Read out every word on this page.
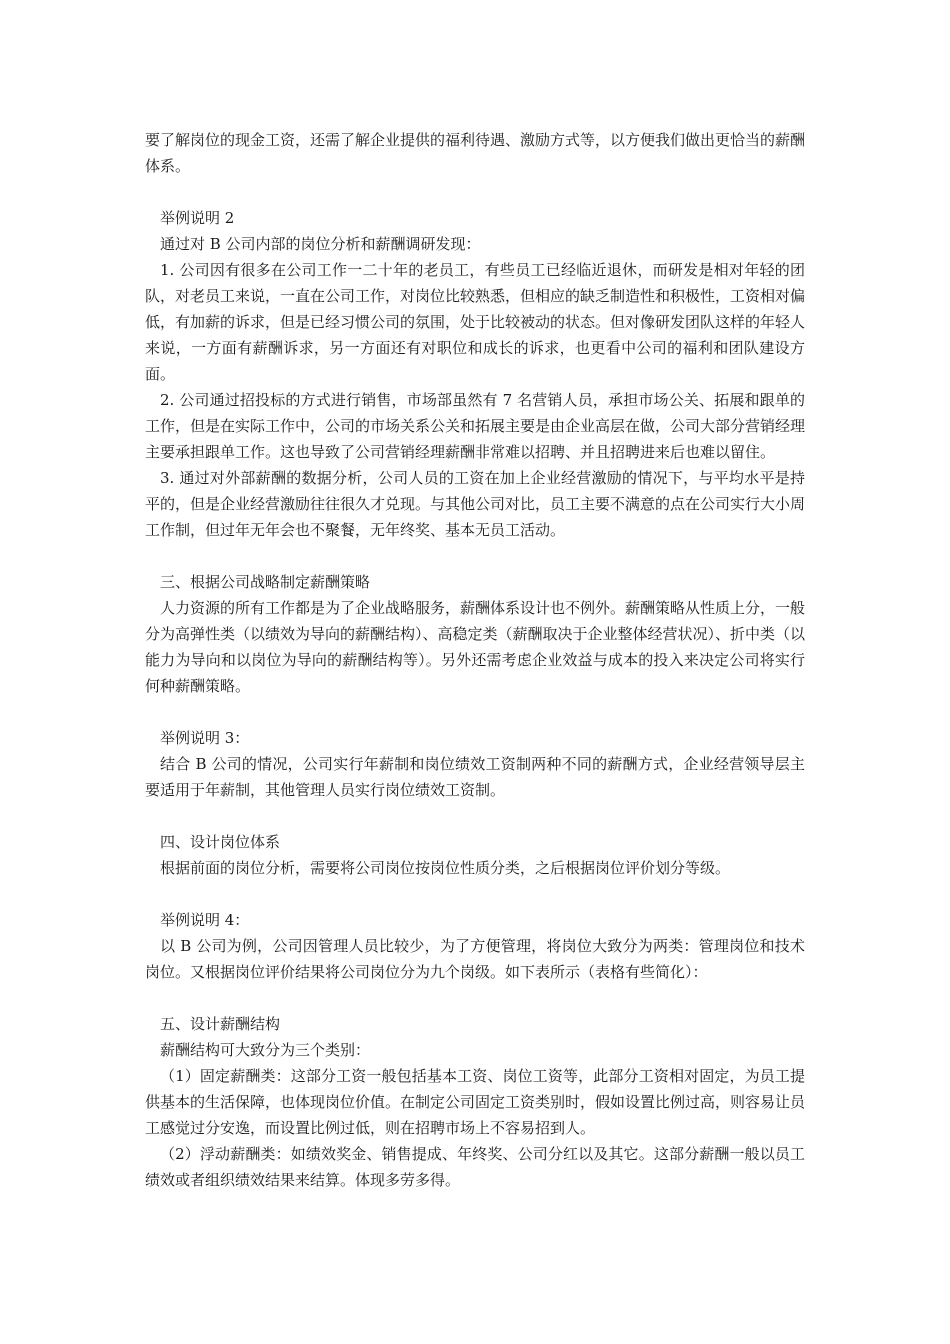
要了解岗位的现金工资，还需了解企业提供的福利待遇、激励方式等，以方便我们做出更恰当的薪酬体系。

举例说明 2

通过对 B 公司内部的岗位分析和薪酬调研发现：

1. 公司因有很多在公司工作一二十年的老员工，有些员工已经临近退休，而研发是相对年轻的团队，对老员工来说，一直在公司工作，对岗位比较熟悉，但相应的缺乏制造性和积极性，工资相对偏低，有加薪的诉求，但是已经习惯公司的氛围，处于比较被动的状态。但对像研发团队这样的年轻人来说，一方面有薪酬诉求，另一方面还有对职位和成长的诉求，也更看中公司的福利和团队建设方面。

2. 公司通过招投标的方式进行销售，市场部虽然有 7 名营销人员，承担市场公关、拓展和跟单的工作，但是在实际工作中，公司的市场关系公关和拓展主要是由企业高层在做，公司大部分营销经理主要承担跟单工作。这也导致了公司营销经理薪酬非常难以招聘、并且招聘进来后也难以留住。

3. 通过对外部薪酬的数据分析，公司人员的工资在加上企业经营激励的情况下，与平均水平是持平的，但是企业经营激励往往很久才兑现。与其他公司对比，员工主要不满意的点在公司实行大小周工作制，但过年无年会也不聚餐，无年终奖、基本无员工活动。

三、根据公司战略制定薪酬策略

人力资源的所有工作都是为了企业战略服务，薪酬体系设计也不例外。薪酬策略从性质上分，一般分为高弹性类（以绩效为导向的薪酬结构）、高稳定类（薪酬取决于企业整体经营状况）、折中类（以能力为导向和以岗位为导向的薪酬结构等）。另外还需考虑企业效益与成本的投入来决定公司将实行何种薪酬策略。

举例说明 3：

结合 B 公司的情况，公司实行年薪制和岗位绩效工资制两种不同的薪酬方式，企业经营领导层主要适用于年薪制，其他管理人员实行岗位绩效工资制。

四、设计岗位体系

根据前面的岗位分析，需要将公司岗位按岗位性质分类，之后根据岗位评价划分等级。

举例说明 4：

以 B 公司为例，公司因管理人员比较少，为了方便管理，将岗位大致分为两类：管理岗位和技术岗位。又根据岗位评价结果将公司岗位分为九个岗级。如下表所示（表格有些简化）：

五、设计薪酬结构

薪酬结构可大致分为三个类别：

（1）固定薪酬类：这部分工资一般包括基本工资、岗位工资等，此部分工资相对固定，为员工提供基本的生活保障，也体现岗位价值。在制定公司固定工资类别时，假如设置比例过高，则容易让员工感觉过分安逸，而设置比例过低，则在招聘市场上不容易招到人。

（2）浮动薪酬类：如绩效奖金、销售提成、年终奖、公司分红以及其它。这部分薪酬一般以员工绩效或者组织绩效结果来结算。体现多劳多得。
